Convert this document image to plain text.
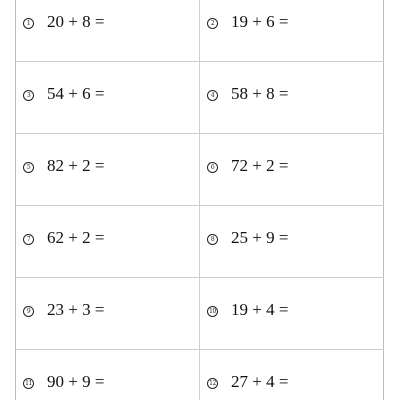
1 20 + 8 =	2 19 + 6 =
3 54 + 6 =	4 58 + 8 =
5 82 + 2 =	6 72 + 2 =
7 62 + 2 =	8 25 + 9 =
9 23 + 3 =	10 19 + 4 =
11 90 + 9 =	12 27 + 4 =
